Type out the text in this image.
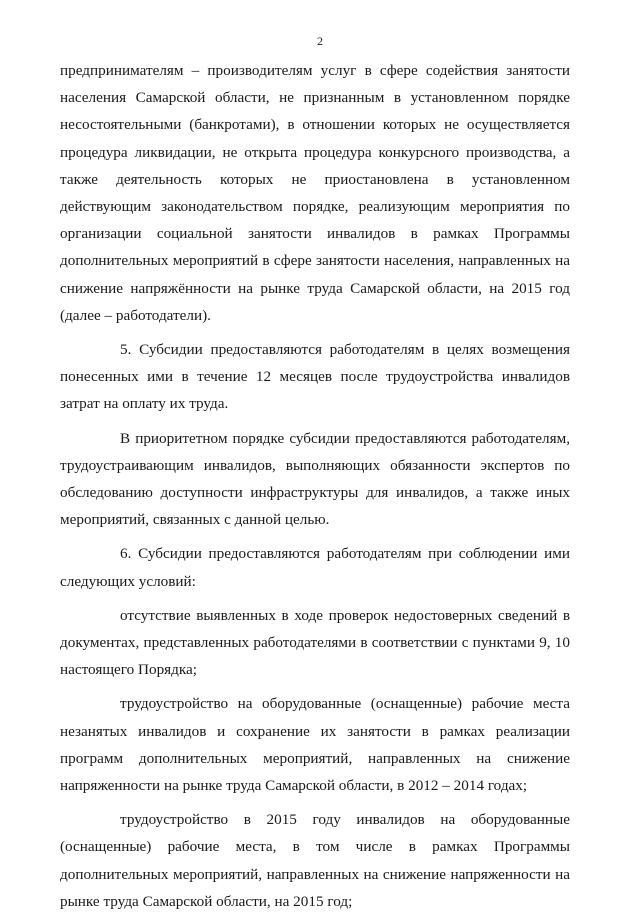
2

предпринимателям – производителям услуг в сфере содействия занятости населения Самарской области, не признанным в установленном порядке несостоятельными (банкротами), в отношении которых не осуществляется процедура ликвидации, не открыта процедура конкурсного производства, а также деятельность которых не приостановлена в установленном действующим законодательством порядке, реализующим мероприятия по организации социальной занятости инвалидов в рамках Программы дополнительных мероприятий в сфере занятости населения, направленных на снижение напряжённости на рынке труда Самарской области, на 2015 год (далее – работодатели).

5. Субсидии предоставляются работодателям в целях возмещения понесенных ими в течение 12 месяцев после трудоустройства инвалидов затрат на оплату их труда.

В приоритетном порядке субсидии предоставляются работодателям, трудоустраивающим инвалидов, выполняющих обязанности экспертов по обследованию доступности инфраструктуры для инвалидов, а также иных мероприятий, связанных с данной целью.

6. Субсидии предоставляются работодателям при соблюдении ими следующих условий:

отсутствие выявленных в ходе проверок недостоверных сведений в документах, представленных работодателями в соответствии с пунктами 9, 10 настоящего Порядка;

трудоустройство на оборудованные (оснащенные) рабочие места незанятых инвалидов и сохранение их занятости в рамках реализации программ дополнительных мероприятий, направленных на снижение напряженности на рынке труда Самарской области, в 2012 – 2014 годах;

трудоустройство в 2015 году инвалидов на оборудованные (оснащенные) рабочие места, в том числе в рамках Программы дополнительных мероприятий, направленных на снижение напряженности на рынке труда Самарской области, на 2015 год;
